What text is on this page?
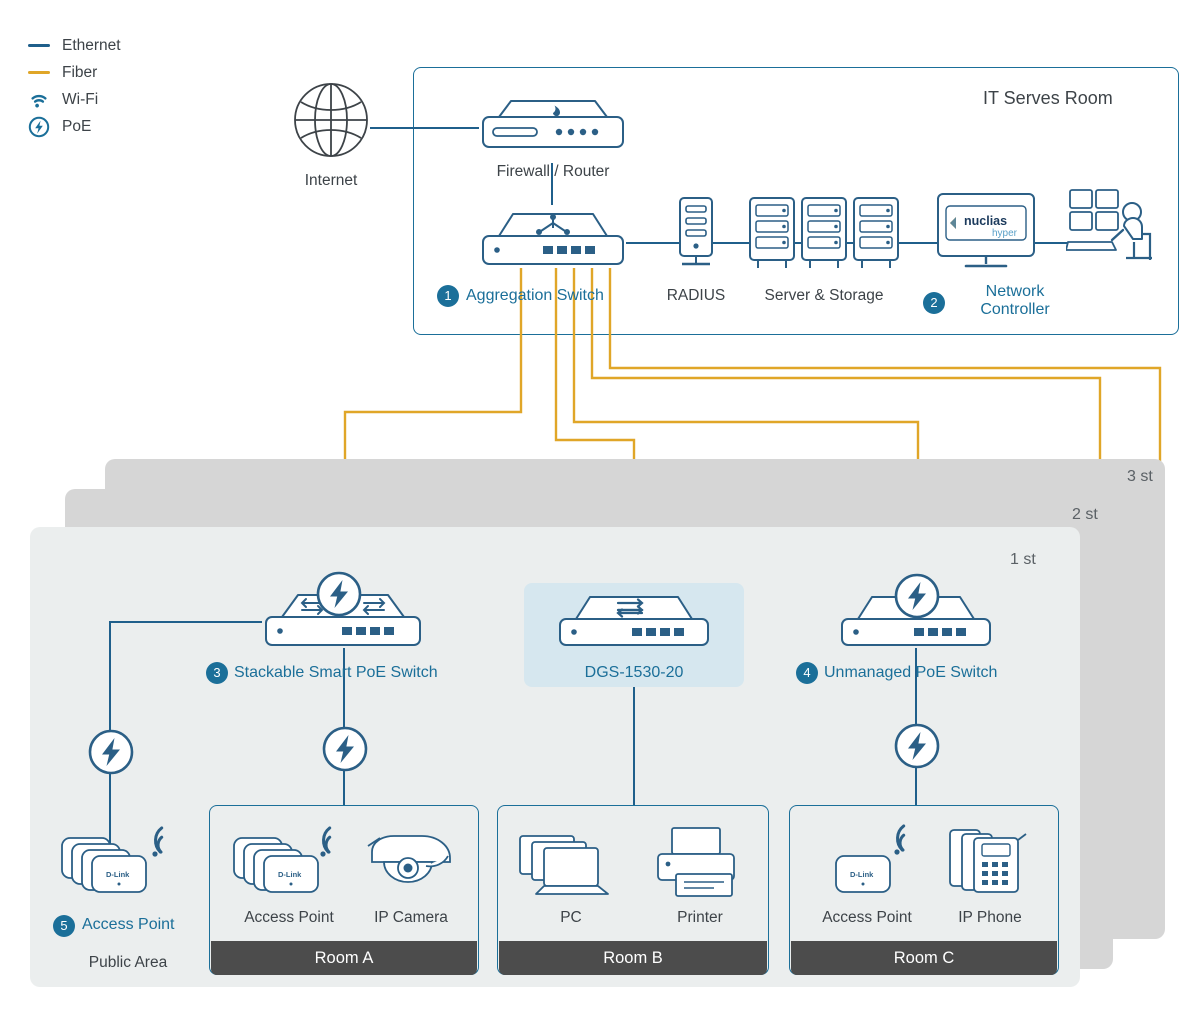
Ethernet
Fiber
Wi-Fi
PoE
IT Serves Room
Internet
Firewall / Router
1 Aggregation Switch	RADIUS	Server & Storage
nuclias
hyper
2
Network
Controller
3 st
2 st
1 st
3 Stackable Smart PoE Switch	DGS-1530-20	4 Unmanaged PoE Switch
D-Link
5 Access Point
Public Area	Room A
D-Link
Access Point	IP Camera
Room B
PC	Printer
Room C
D-Link
Access Point	IP Phone
